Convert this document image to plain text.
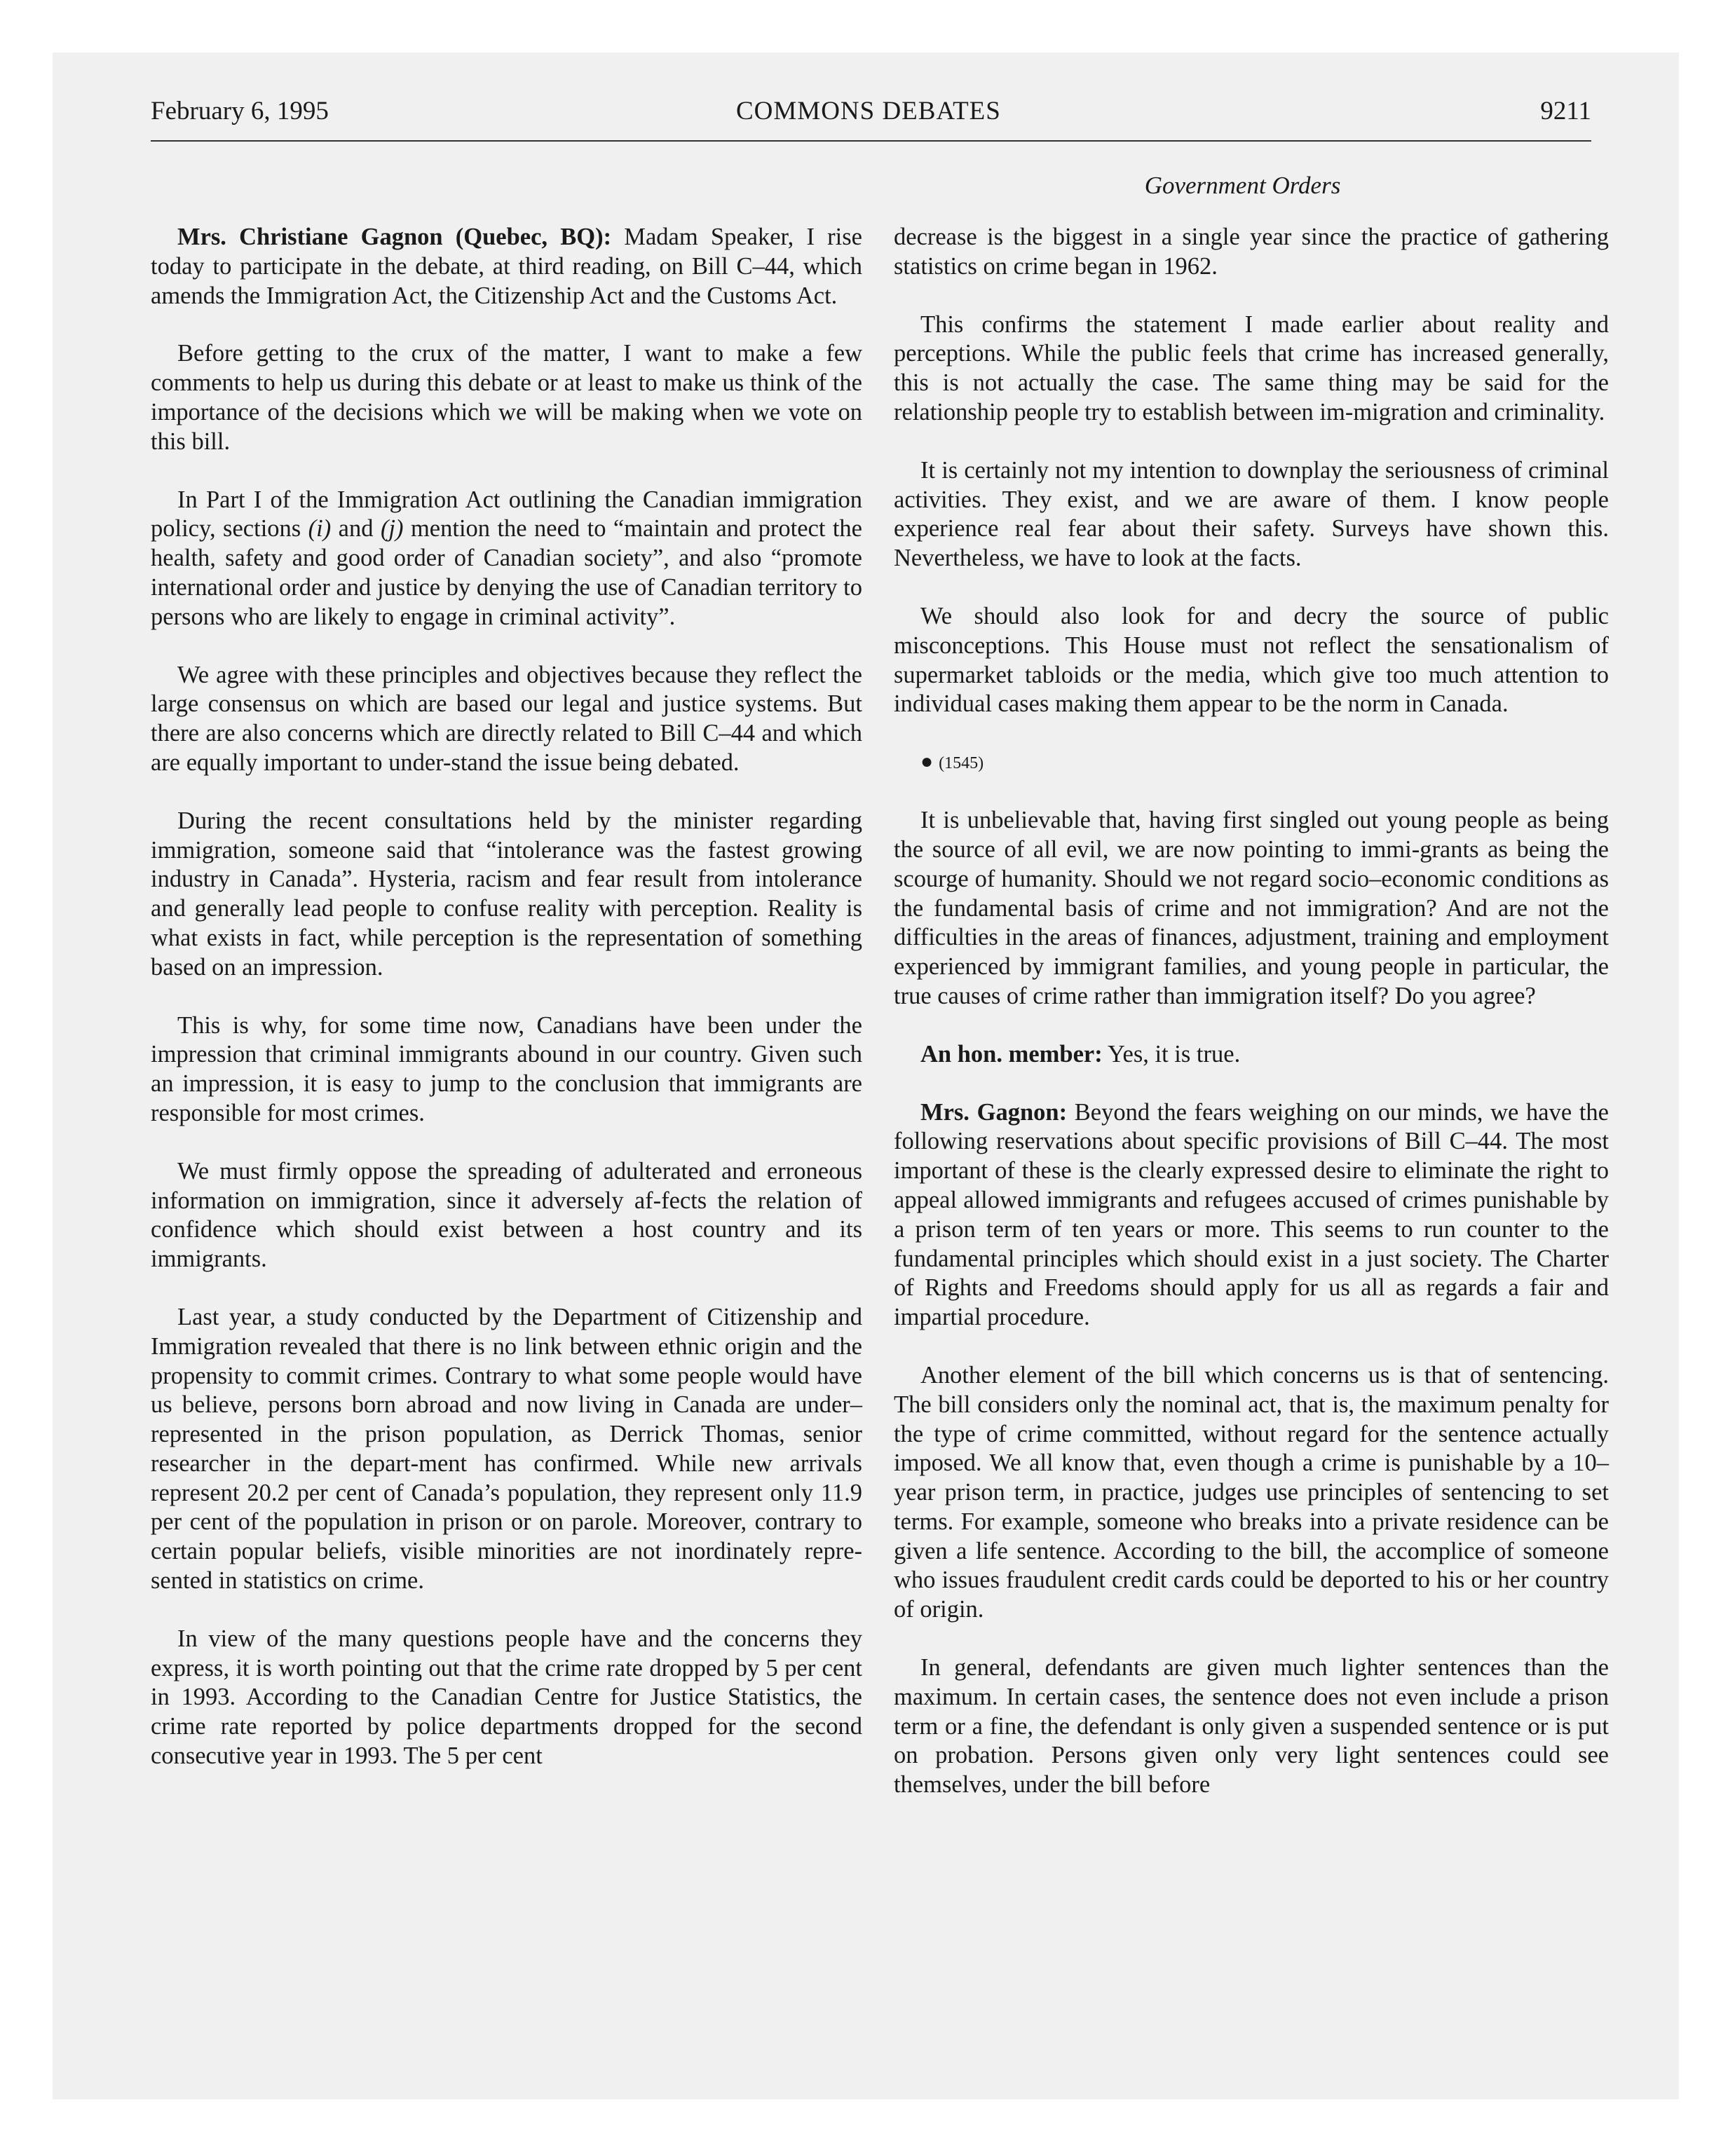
February 6, 1995	COMMONS DEBATES	9211
Government Orders

Mrs. Christiane Gagnon (Quebec, BQ): Madam Speaker, I rise today to participate in the debate, at third reading, on Bill C–44, which amends the Immigration Act, the Citizenship Act and the Customs Act.

Before getting to the crux of the matter, I want to make a few comments to help us during this debate or at least to make us think of the importance of the decisions which we will be making when we vote on this bill.

In Part I of the Immigration Act outlining the Canadian immigration policy, sections (i) and (j) mention the need to “maintain and protect the health, safety and good order of Canadian society”, and also “promote international order and justice by denying the use of Canadian territory to persons who are likely to engage in criminal activity”.

We agree with these principles and objectives because they reflect the large consensus on which are based our legal and justice systems. But there are also concerns which are directly related to Bill C–44 and which are equally important to under-stand the issue being debated.

During the recent consultations held by the minister regarding immigration, someone said that “intolerance was the fastest growing industry in Canada”. Hysteria, racism and fear result from intolerance and generally lead people to confuse reality with perception. Reality is what exists in fact, while perception is the representation of something based on an impression.

This is why, for some time now, Canadians have been under the impression that criminal immigrants abound in our country. Given such an impression, it is easy to jump to the conclusion that immigrants are responsible for most crimes.

We must firmly oppose the spreading of adulterated and erroneous information on immigration, since it adversely af-fects the relation of confidence which should exist between a host country and its immigrants.

Last year, a study conducted by the Department of Citizenship and Immigration revealed that there is no link between ethnic origin and the propensity to commit crimes. Contrary to what some people would have us believe, persons born abroad and now living in Canada are under–represented in the prison population, as Derrick Thomas, senior researcher in the depart-ment has confirmed. While new arrivals represent 20.2 per cent of Canada’s population, they represent only 11.9 per cent of the population in prison or on parole. Moreover, contrary to certain popular beliefs, visible minorities are not inordinately repre-sented in statistics on crime.

In view of the many questions people have and the concerns they express, it is worth pointing out that the crime rate dropped by 5 per cent in 1993. According to the Canadian Centre for Justice Statistics, the crime rate reported by police departments dropped for the second consecutive year in 1993. The 5 per cent

decrease is the biggest in a single year since the practice of gathering statistics on crime began in 1962.

This confirms the statement I made earlier about reality and perceptions. While the public feels that crime has increased generally, this is not actually the case. The same thing may be said for the relationship people try to establish between im-migration and criminality.

It is certainly not my intention to downplay the seriousness of criminal activities. They exist, and we are aware of them. I know people experience real fear about their safety. Surveys have shown this. Nevertheless, we have to look at the facts.

We should also look for and decry the source of public misconceptions. This House must not reflect the sensationalism of supermarket tabloids or the media, which give too much attention to individual cases making them appear to be the norm in Canada.

● (1545)

It is unbelievable that, having first singled out young people as being the source of all evil, we are now pointing to immi-grants as being the scourge of humanity. Should we not regard socio–economic conditions as the fundamental basis of crime and not immigration? And are not the difficulties in the areas of finances, adjustment, training and employment experienced by immigrant families, and young people in particular, the true causes of crime rather than immigration itself? Do you agree?

An hon. member: Yes, it is true.

Mrs. Gagnon: Beyond the fears weighing on our minds, we have the following reservations about specific provisions of Bill C–44. The most important of these is the clearly expressed desire to eliminate the right to appeal allowed immigrants and refugees accused of crimes punishable by a prison term of ten years or more. This seems to run counter to the fundamental principles which should exist in a just society. The Charter of Rights and Freedoms should apply for us all as regards a fair and impartial procedure.

Another element of the bill which concerns us is that of sentencing. The bill considers only the nominal act, that is, the maximum penalty for the type of crime committed, without regard for the sentence actually imposed. We all know that, even though a crime is punishable by a 10–year prison term, in practice, judges use principles of sentencing to set terms. For example, someone who breaks into a private residence can be given a life sentence. According to the bill, the accomplice of someone who issues fraudulent credit cards could be deported to his or her country of origin.

In general, defendants are given much lighter sentences than the maximum. In certain cases, the sentence does not even include a prison term or a fine, the defendant is only given a suspended sentence or is put on probation. Persons given only very light sentences could see themselves, under the bill before
